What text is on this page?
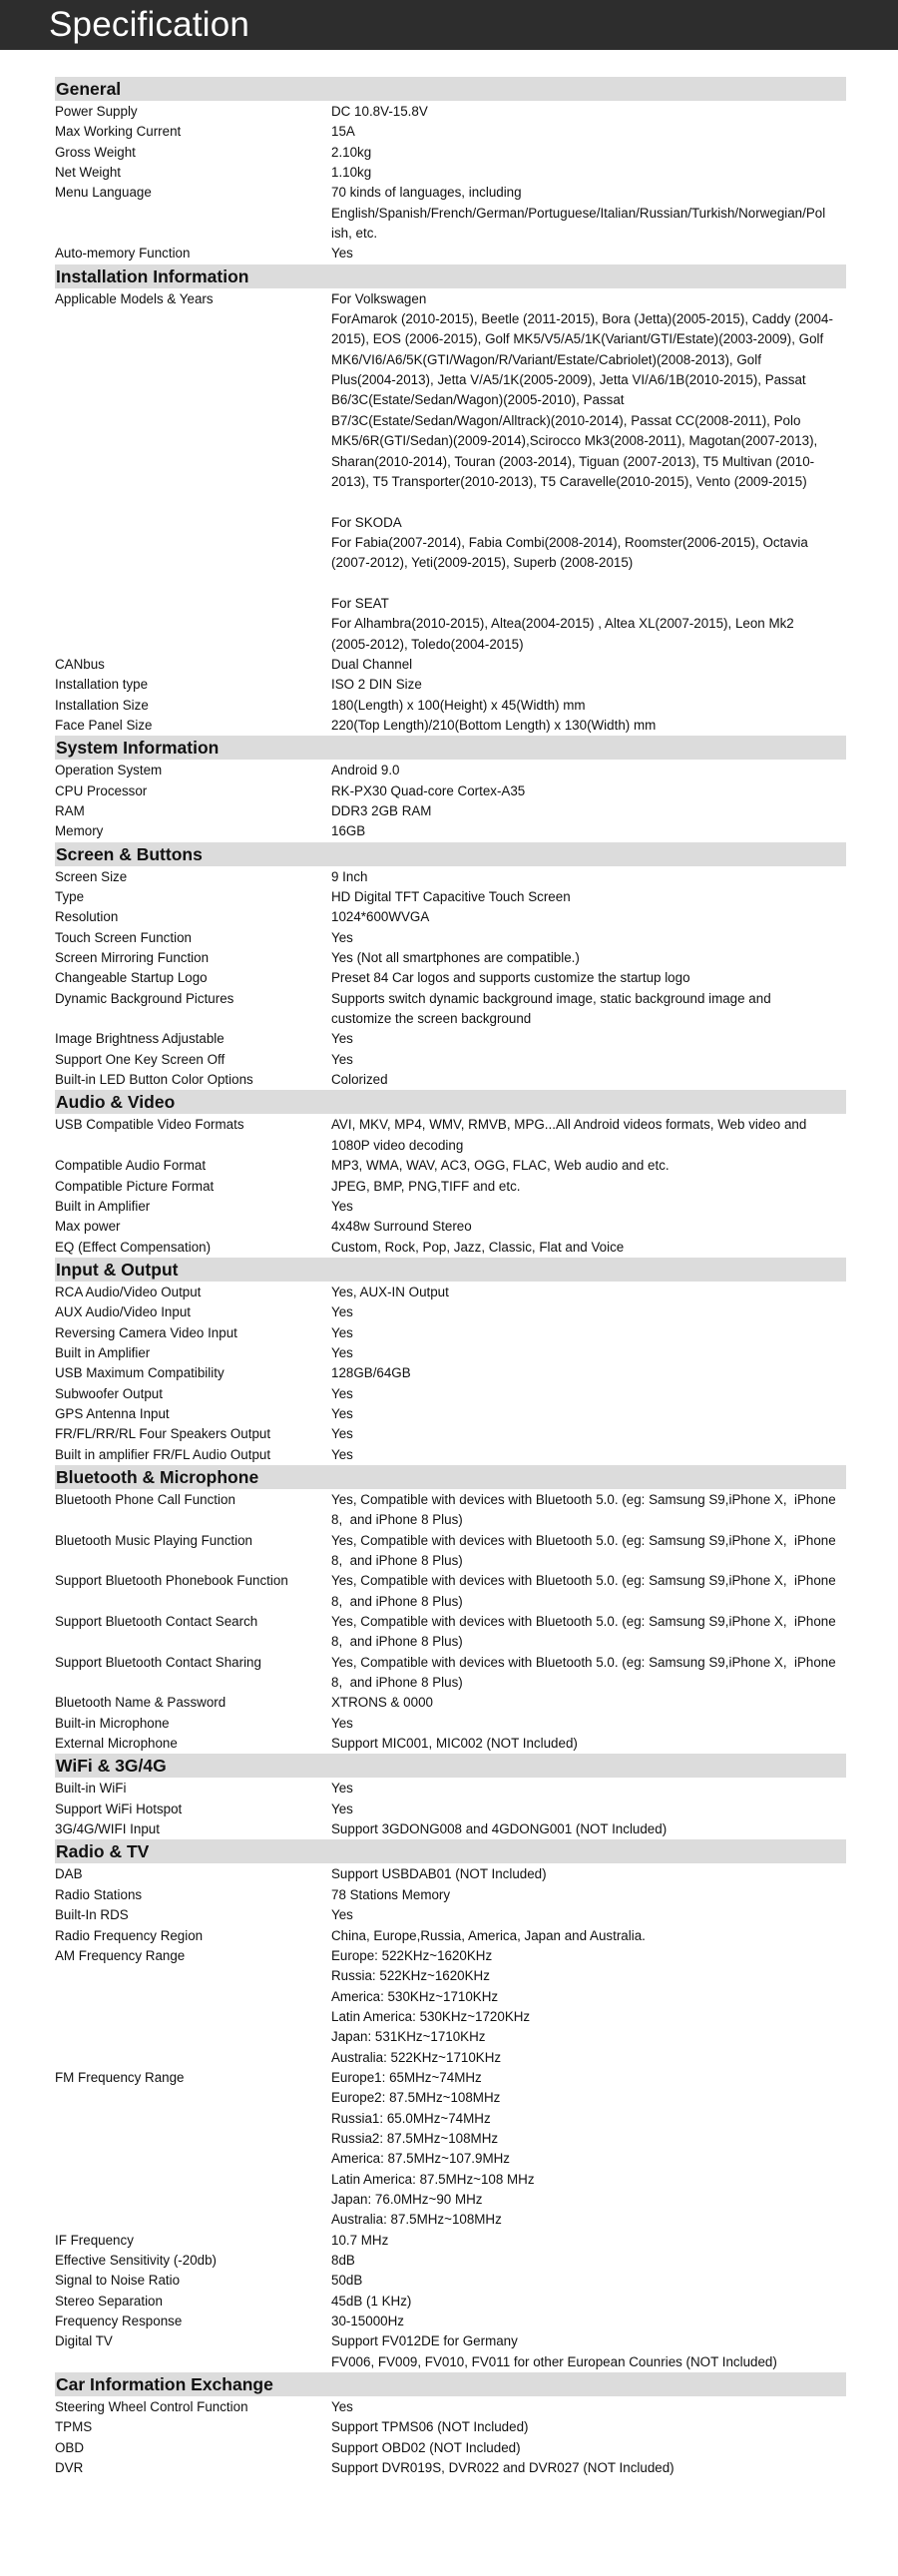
Specification
General
Power Supply	DC 10.8V-15.8V
Max Working Current	15A
Gross Weight	2.10kg
Net Weight	1.10kg
Menu Language	70 kinds of languages, including
English/Spanish/French/German/Portuguese/Italian/Russian/Turkish/Norwegian/Pol
ish, etc.
Auto-memory Function	Yes
Installation Information
Applicable Models & Years	For Volkswagen
ForAmarok (2010-2015), Beetle (2011-2015), Bora (Jetta)(2005-2015), Caddy (2004-
2015), EOS (2006-2015), Golf MK5/V5/A5/1K(Variant/GTI/Estate)(2003-2009), Golf
MK6/VI6/A6/5K(GTI/Wagon/R/Variant/Estate/Cabriolet)(2008-2013), Golf
Plus(2004-2013), Jetta V/A5/1K(2005-2009), Jetta VI/A6/1B(2010-2015), Passat
B6/3C(Estate/Sedan/Wagon)(2005-2010), Passat
B7/3C(Estate/Sedan/Wagon/Alltrack)(2010-2014), Passat CC(2008-2011), Polo
MK5/6R(GTI/Sedan)(2009-2014),Scirocco Mk3(2008-2011), Magotan(2007-2013),
Sharan(2010-2014), Touran (2003-2014), Tiguan (2007-2013), T5 Multivan (2010-
2013), T5 Transporter(2010-2013), T5 Caravelle(2010-2015), Vento (2009-2015)

For SKODA
For Fabia(2007-2014), Fabia Combi(2008-2014), Roomster(2006-2015), Octavia
(2007-2012), Yeti(2009-2015), Superb (2008-2015)

For SEAT
For Alhambra(2010-2015), Altea(2004-2015) , Altea XL(2007-2015), Leon Mk2
(2005-2012), Toledo(2004-2015)
CANbus	Dual Channel
Installation type	ISO 2 DIN Size
Installation Size	180(Length) x 100(Height) x 45(Width) mm
Face Panel Size	220(Top Length)/210(Bottom Length) x 130(Width) mm
System Information
Operation System	Android 9.0
CPU Processor	RK-PX30 Quad-core Cortex-A35
RAM	DDR3 2GB RAM
Memory	16GB
Screen & Buttons
Screen Size	9 Inch
Type	HD Digital TFT Capacitive Touch Screen
Resolution	1024*600WVGA
Touch Screen Function	Yes
Screen Mirroring Function	Yes (Not all smartphones are compatible.)
Changeable Startup Logo	Preset 84 Car logos and supports customize the startup logo
Dynamic Background Pictures	Supports switch dynamic background image, static background image and
customize the screen background
Image Brightness Adjustable	Yes
Support One Key Screen Off	Yes
Built-in LED Button Color Options	Colorized
Audio & Video
USB Compatible Video Formats	AVI, MKV, MP4, WMV, RMVB, MPG...All Android videos formats, Web video and
1080P video decoding
Compatible Audio Format	MP3, WMA, WAV, AC3, OGG, FLAC, Web audio and etc.
Compatible Picture Format	JPEG, BMP, PNG,TIFF and etc.
Built in Amplifier	Yes
Max power	4x48w Surround Stereo
EQ (Effect Compensation)	Custom, Rock, Pop, Jazz, Classic, Flat and Voice
Input & Output
RCA Audio/Video Output	Yes, AUX-IN Output
AUX Audio/Video Input	Yes
Reversing Camera Video Input	Yes
Built in Amplifier	Yes
USB Maximum Compatibility	128GB/64GB
Subwoofer Output	Yes
GPS Antenna Input	Yes
FR/FL/RR/RL Four Speakers Output	Yes
Built in amplifier FR/FL Audio Output	Yes
Bluetooth & Microphone
Bluetooth Phone Call Function	Yes, Compatible with devices with Bluetooth 5.0. (eg: Samsung S9,iPhone X,  iPhone
8,  and iPhone 8 Plus)
Bluetooth Music Playing Function	Yes, Compatible with devices with Bluetooth 5.0. (eg: Samsung S9,iPhone X,  iPhone
8,  and iPhone 8 Plus)
Support Bluetooth Phonebook Function	Yes, Compatible with devices with Bluetooth 5.0. (eg: Samsung S9,iPhone X,  iPhone
8,  and iPhone 8 Plus)
Support Bluetooth Contact Search	Yes, Compatible with devices with Bluetooth 5.0. (eg: Samsung S9,iPhone X,  iPhone
8,  and iPhone 8 Plus)
Support Bluetooth Contact Sharing	Yes, Compatible with devices with Bluetooth 5.0. (eg: Samsung S9,iPhone X,  iPhone
8,  and iPhone 8 Plus)
Bluetooth Name & Password	XTRONS & 0000
Built-in Microphone	Yes
External Microphone	Support MIC001, MIC002 (NOT Included)
WiFi & 3G/4G
Built-in WiFi	Yes
Support WiFi Hotspot	Yes
3G/4G/WIFI Input	Support 3GDONG008 and 4GDONG001 (NOT Included)
Radio & TV
DAB	Support USBDAB01 (NOT Included)
Radio Stations	78 Stations Memory
Built-In RDS	Yes
Radio Frequency Region	China, Europe,Russia, America, Japan and Australia.
AM Frequency Range	Europe: 522KHz~1620KHz
Russia: 522KHz~1620KHz
America: 530KHz~1710KHz
Latin America: 530KHz~1720KHz
Japan: 531KHz~1710KHz
Australia: 522KHz~1710KHz
FM Frequency Range	Europe1: 65MHz~74MHz
Europe2: 87.5MHz~108MHz
Russia1: 65.0MHz~74MHz
Russia2: 87.5MHz~108MHz
America: 87.5MHz~107.9MHz
Latin America: 87.5MHz~108 MHz
Japan: 76.0MHz~90 MHz
Australia: 87.5MHz~108MHz
IF Frequency	10.7 MHz
Effective Sensitivity (-20db)	8dB
Signal to Noise Ratio	50dB
Stereo Separation	45dB (1 KHz)
Frequency Response	30-15000Hz
Digital TV	Support FV012DE for Germany
FV006, FV009, FV010, FV011 for other European Counries (NOT Included)
Car Information Exchange
Steering Wheel Control Function	Yes
TPMS	Support TPMS06 (NOT Included)
OBD	Support OBD02 (NOT Included)
DVR	Support DVR019S, DVR022 and DVR027 (NOT Included)
